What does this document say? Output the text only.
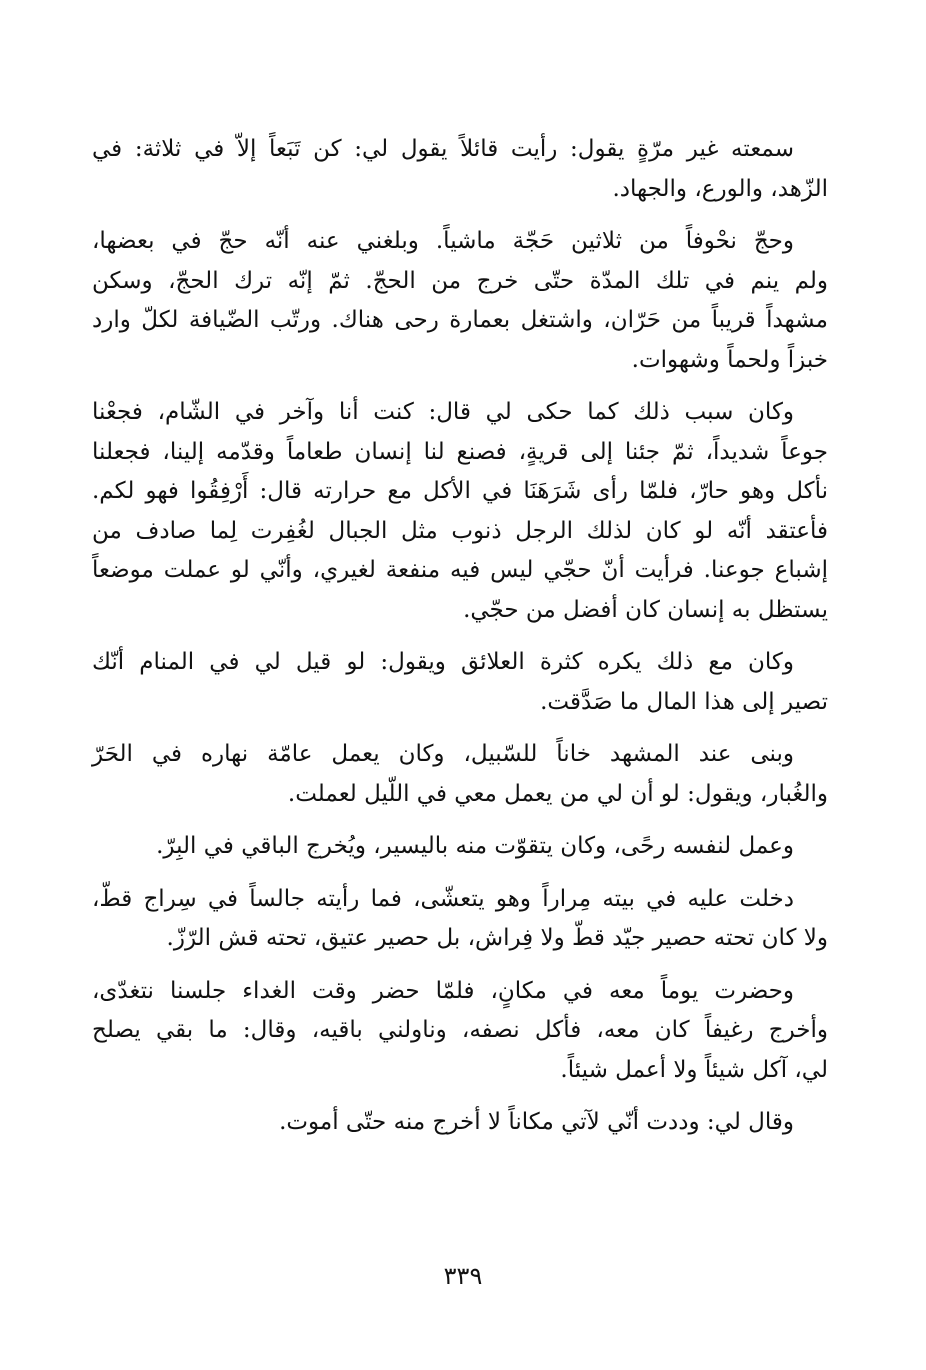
سمعته غير مرّةٍ يقول: رأيت قائلاً يقول لي: كن تَبَعاً إلاّ في ثلاثة: في
الزّهد، والورع، والجهاد.
وحجّ نحْوفاً من ثلاثين حَجّة ماشياً. وبلغني عنه أنّه حجّ في بعضها،
ولم ينم في تلك المدّة حتّى خرج من الحجّ. ثمّ إنّه ترك الحجّ، وسكن
مشهداً قريباً من حَرّان، واشتغل بعمارة رحى هناك. ورتّب الضّيافة لكلّ وارد
خبزاً ولحماً وشهوات.
وكان سبب ذلك كما حكى لي قال: كنت أنا وآخر في الشّام، فجعْنا
جوعاً شديداً، ثمّ جئنا إلى قريةٍ، فصنع لنا إنسان طعاماً وقدّمه إلينا، فجعلنا
نأكل وهو حارّ، فلمّا رأى شَرَهَنَا في الأكل مع حرارته قال: أَرْفِقُوا فهو لكم.
فأعتقد أنّه لو كان لذلك الرجل ذنوب مثل الجبال لغُفِرت لِما صادف من
إشباع جوعنا. فرأيت أنّ حجّي ليس فيه منفعة لغيري، وأنّي لو عملت موضعاً
يستظل به إنسان كان أفضل من حجّي.
وكان مع ذلك يكره كثرة العلائق ويقول: لو قيل لي في المنام أنّك
تصير إلى هذا المال ما صَدَّقت.
وبنى عند المشهد خاناً للسّبيل، وكان يعمل عامّة نهاره في الحَرّ
والغُبار، ويقول: لو أن لي من يعمل معي في اللّيل لعملت.
وعمل لنفسه رحًى، وكان يتقوّت منه باليسير، ويُخرج الباقي في البِرّ.
دخلت عليه في بيته مِراراً وهو يتعشّى، فما رأيته جالساً في سِراج قطّ،
ولا كان تحته حصير جيّد قطّ ولا فِراش، بل حصير عتيق، تحته قش الرّزّ.
وحضرت يوماً معه في مكانٍ، فلمّا حضر وقت الغداء جلسنا نتغدّى،
وأخرج رغيفاً كان معه، فأكل نصفه، وناولني باقيه، وقال: ما بقي يصلح
لي، آكل شيئاً ولا أعمل شيئاً.
وقال لي: وددت أنّي لآتي مكاناً لا أخرج منه حتّى أموت.
٣٣٩
